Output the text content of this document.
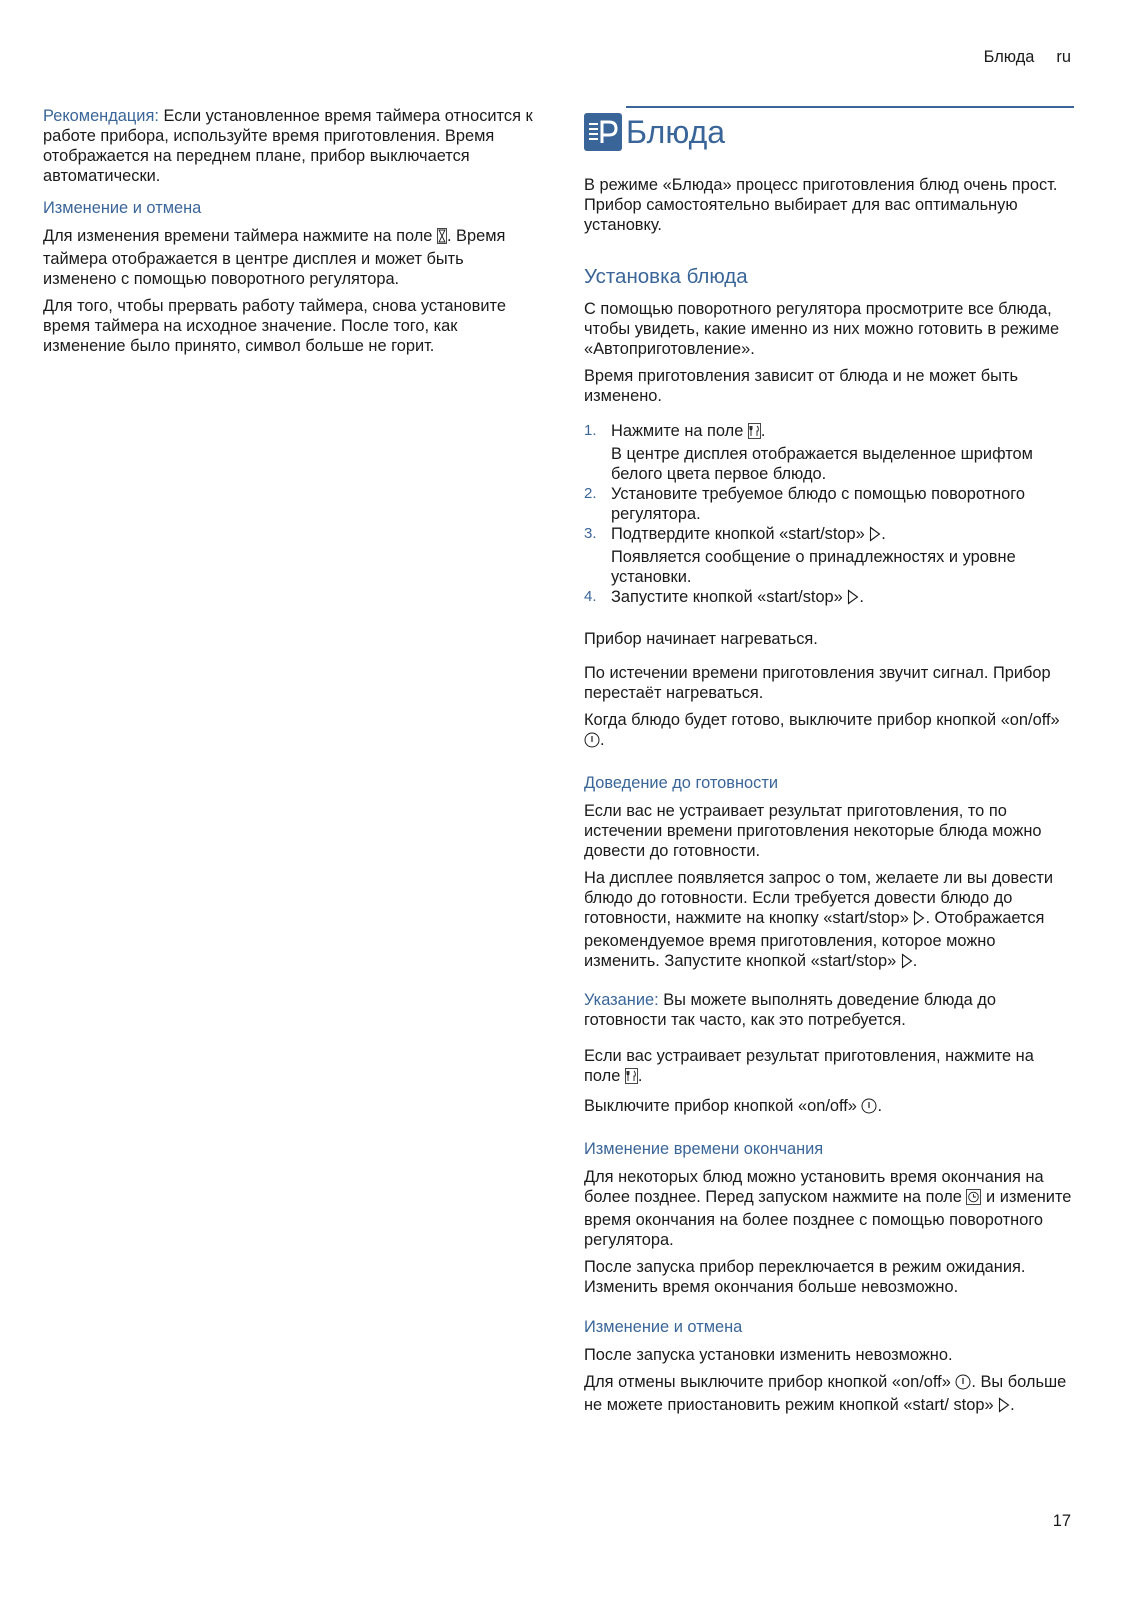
Блюда ru

Рекомендация: Если установленное время таймера относится к работе прибора, используйте время приготовления. Время отображается на переднем плане, прибор выключается автоматически.

Изменение и отмена

Для изменения времени таймера нажмите на поле . Время таймера отображается в центре дисплея и может быть изменено с помощью поворотного регулятора.

Для того, чтобы прервать работу таймера, снова установите время таймера на исходное значение. После того, как изменение было принято, символ больше не горит.

Блюда

В режиме «Блюда» процесс приготовления блюд очень прост. Прибор самостоятельно выбирает для вас оптимальную установку.

Установка блюда

С помощью поворотного регулятора просмотрите все блюда, чтобы увидеть, какие именно из них можно готовить в режиме «Автоприготовление».

Время приготовления зависит от блюда и не может быть изменено.

1. Нажмите на поле .
В центре дисплея отображается выделенное шрифтом белого цвета первое блюдо.
2. Установите требуемое блюдо с помощью поворотного регулятора.
3. Подтвердите кнопкой «start/stop» .
Появляется сообщение о принадлежностях и уровне установки.
4. Запустите кнопкой «start/stop» .

Прибор начинает нагреваться.

По истечении времени приготовления звучит сигнал. Прибор перестаёт нагреваться.

Когда блюдо будет готово, выключите прибор кнопкой «on/off» .

Доведение до готовности

Если вас не устраивает результат приготовления, то по истечении времени приготовления некоторые блюда можно довести до готовности.

На дисплее появляется запрос о том, желаете ли вы довести блюдо до готовности. Если требуется довести блюдо до готовности, нажмите на кнопку «start/stop» . Отображается рекомендуемое время приготовления, которое можно изменить. Запустите кнопкой «start/stop» .

Указание: Вы можете выполнять доведение блюда до готовности так часто, как это потребуется.

Если вас устраивает результат приготовления, нажмите на поле .

Выключите прибор кнопкой «on/off» .

Изменение времени окончания

Для некоторых блюд можно установить время окончания на более позднее. Перед запуском нажмите на поле  и измените время окончания на более позднее с помощью поворотного регулятора.

После запуска прибор переключается в режим ожидания. Изменить время окончания больше невозможно.

Изменение и отмена

После запуска установки изменить невозможно.

Для отмены выключите прибор кнопкой «on/off» . Вы больше не можете приостановить режим кнопкой «start/ stop» .

17
